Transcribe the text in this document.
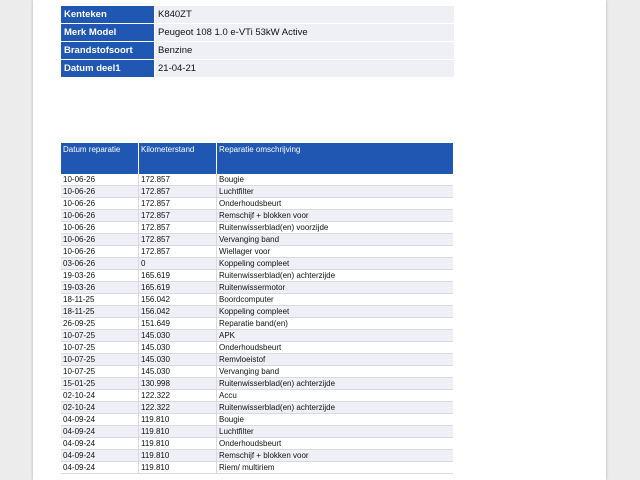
Kenteken	K840ZT
Merk Model	Peugeot 108 1.0 e-VTi 53kW Active
Brandstofsoort	Benzine
Datum deel1	21-04-21
Datum reparatie	Kilometerstand	Reparatie omschrijving
10-06-26	172.857	Bougie
10-06-26	172.857	Luchtfilter
10-06-26	172.857	Onderhoudsbeurt
10-06-26	172.857	Remschijf + blokken voor
10-06-26	172.857	Ruitenwisserblad(en) voorzijde
10-06-26	172.857	Vervanging band
10-06-26	172.857	Wiellager voor
03-06-26	0	Koppeling compleet
19-03-26	165.619	Ruitenwisserblad(en) achterzijde
19-03-26	165.619	Ruitenwissermotor
18-11-25	156.042	Boordcomputer
18-11-25	156.042	Koppeling compleet
26-09-25	151.649	Reparatie band(en)
10-07-25	145.030	APK
10-07-25	145.030	Onderhoudsbeurt
10-07-25	145.030	Remvloeistof
10-07-25	145.030	Vervanging band
15-01-25	130.998	Ruitenwisserblad(en) achterzijde
02-10-24	122.322	Accu
02-10-24	122.322	Ruitenwisserblad(en) achterzijde
04-09-24	119.810	Bougie
04-09-24	119.810	Luchtfilter
04-09-24	119.810	Onderhoudsbeurt
04-09-24	119.810	Remschijf + blokken voor
04-09-24	119.810	Riem/ multiriem
